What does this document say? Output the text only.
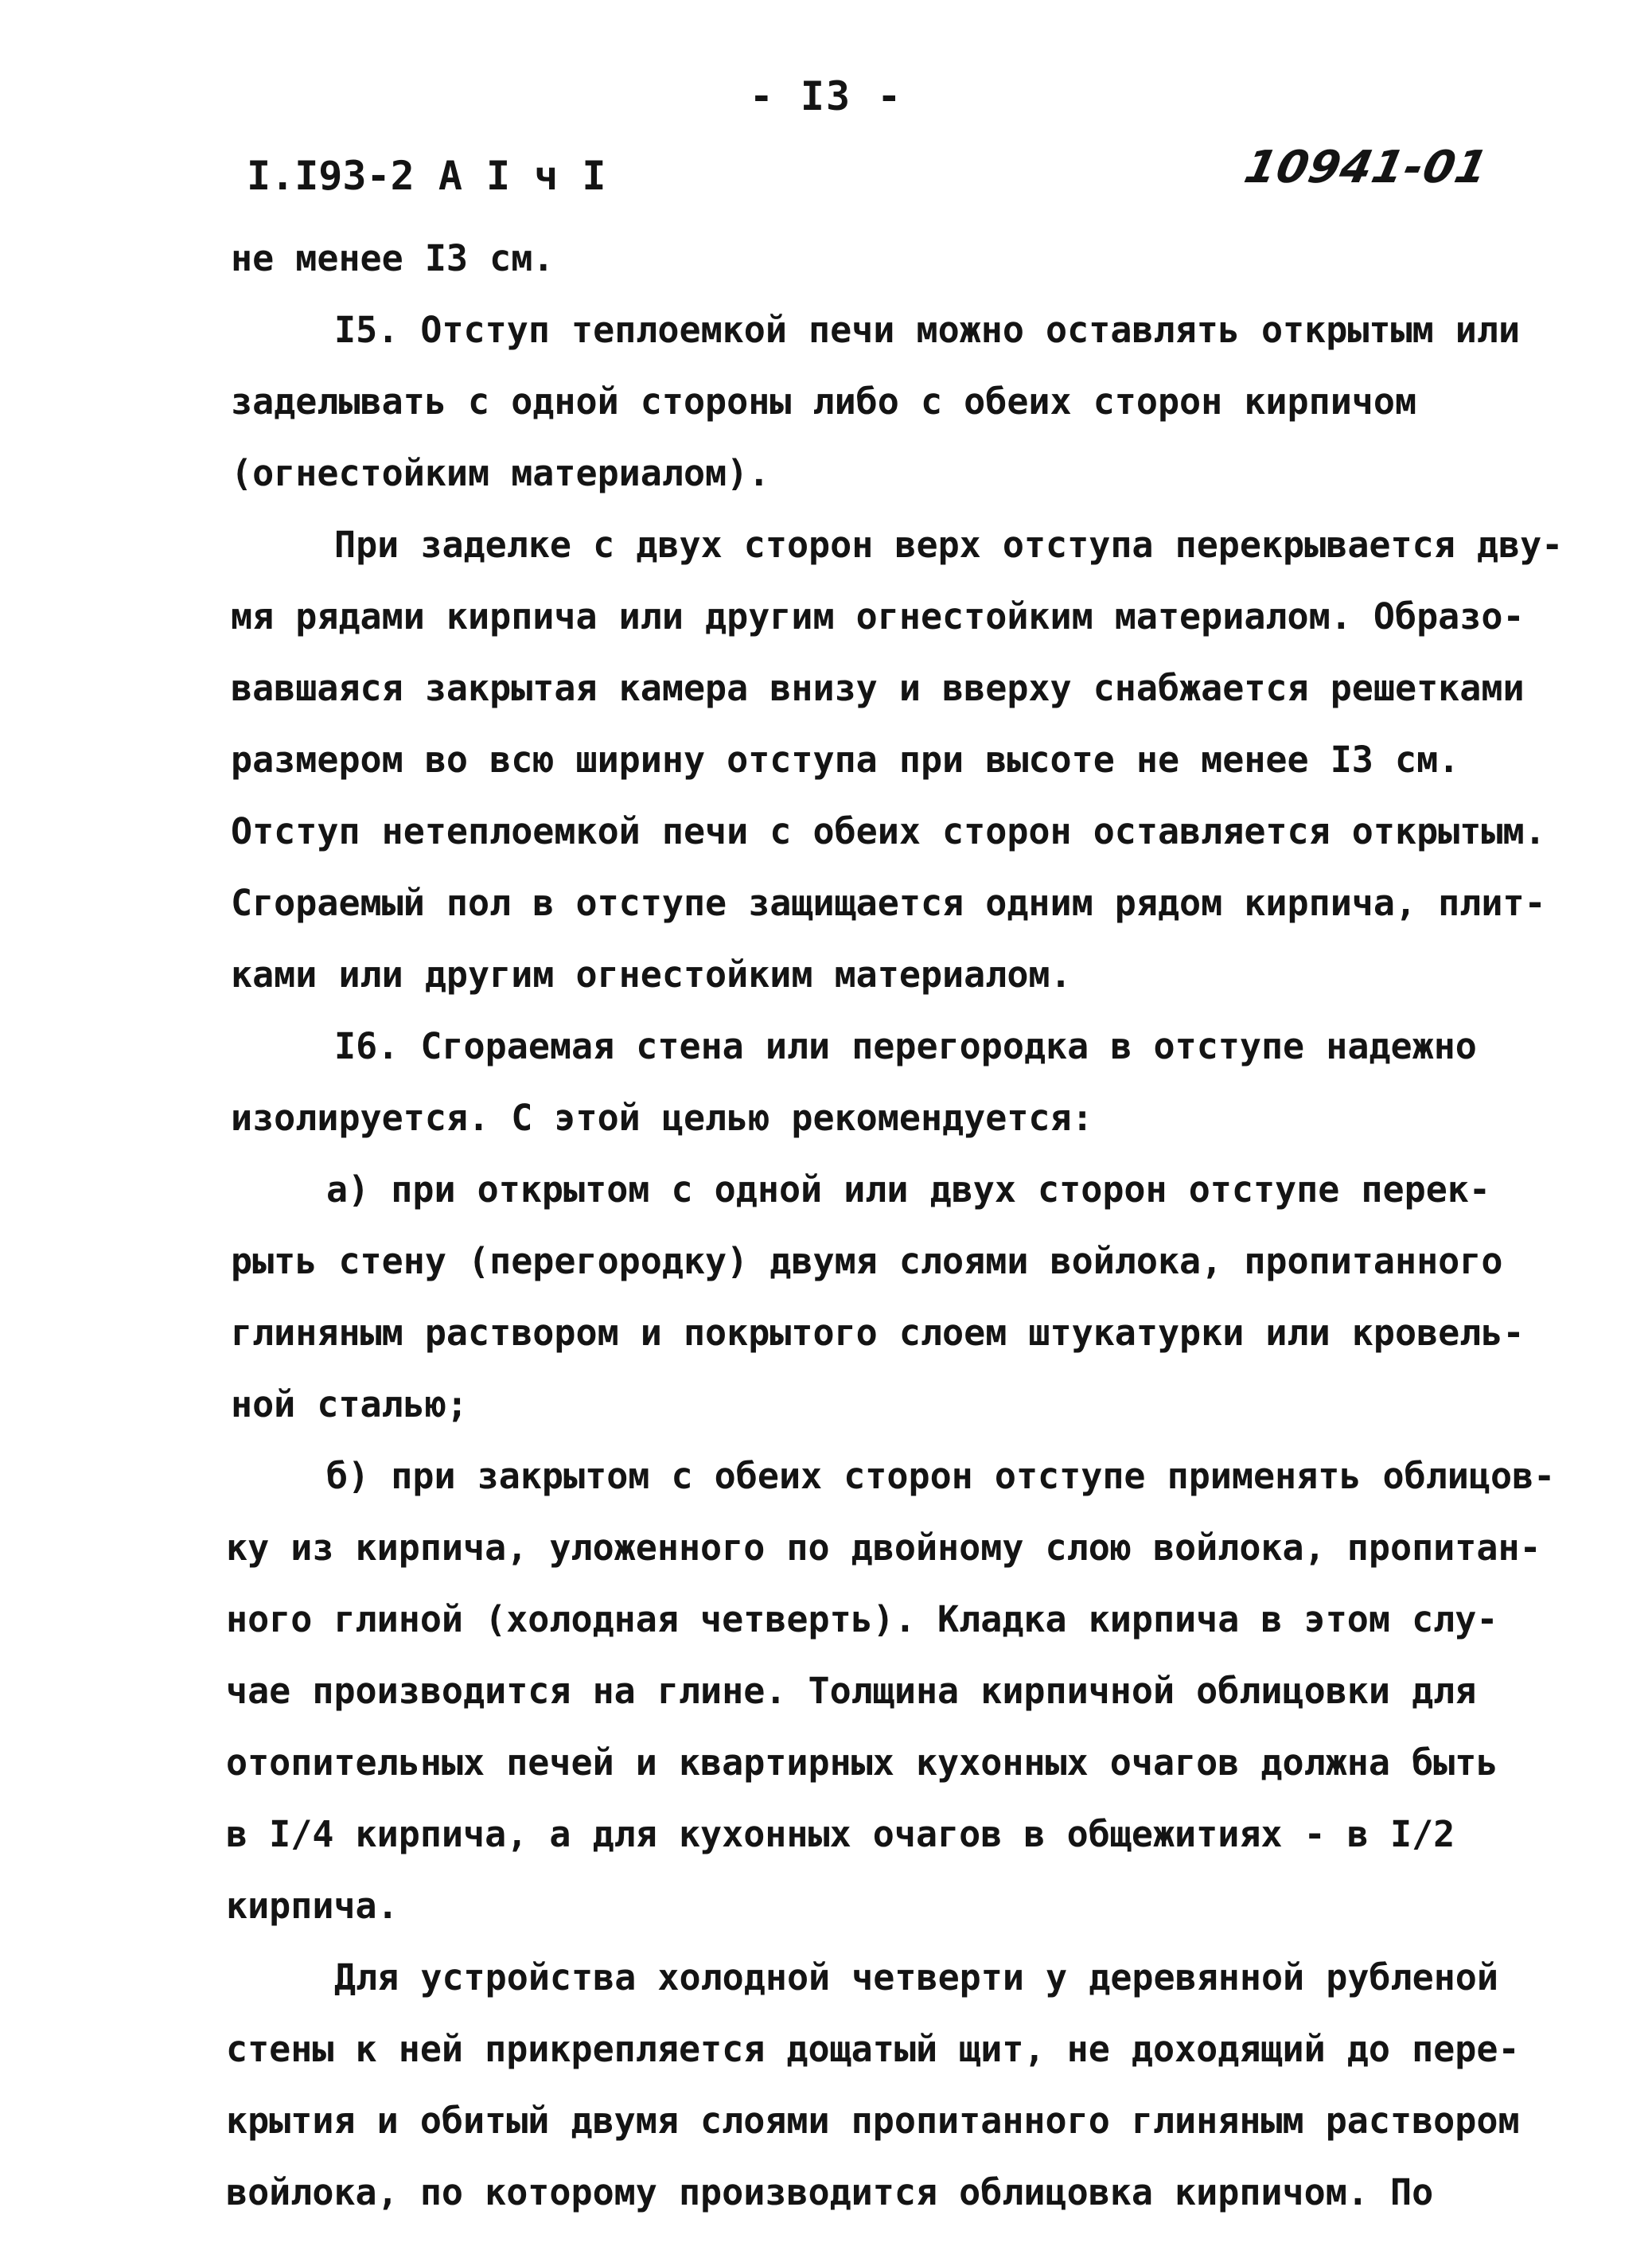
- I3 -
I.I93-2 А I ч I	10941-01
не менее I3 см.
I5. Отступ теплоемкой печи можно оставлять открытым или
заделывать с одной стороны либо с обеих сторон кирпичом
(огнестойким материалом).
При заделке с двух сторон верх отступа перекрывается дву-
мя рядами кирпича или другим огнестойким материалом. Образо-
вавшаяся закрытая камера внизу и вверху снабжается решетками
размером во всю ширину отступа при высоте не менее I3 см.
Отступ нетеплоемкой печи с обеих сторон оставляется открытым.
Сгораемый пол в отступе защищается одним рядом кирпича, плит-
ками или другим огнестойким материалом.
I6. Сгораемая стена или перегородка в отступе надежно
изолируется. С этой целью рекомендуется:
а) при открытом с одной или двух сторон отступе перек-
рыть стену (перегородку) двумя слоями войлока, пропитанного
глиняным раствором и покрытого слоем штукатурки или кровель-
ной сталью;
б) при закрытом с обеих сторон отступе применять облицов-
ку из кирпича, уложенного по двойному слою войлока, пропитан-
ного глиной (холодная четверть). Кладка кирпича в этом слу-
чае производится на глине. Толщина кирпичной облицовки для
отопительных печей и квартирных кухонных очагов должна быть
в I/4 кирпича, а для кухонных очагов в общежитиях - в I/2
кирпича.
Для устройства холодной четверти у деревянной рубленой
стены к ней прикрепляется дощатый щит, не доходящий до пере-
крытия и обитый двумя слоями пропитанного глиняным раствором
войлока, по которому производится облицовка кирпичом. По
